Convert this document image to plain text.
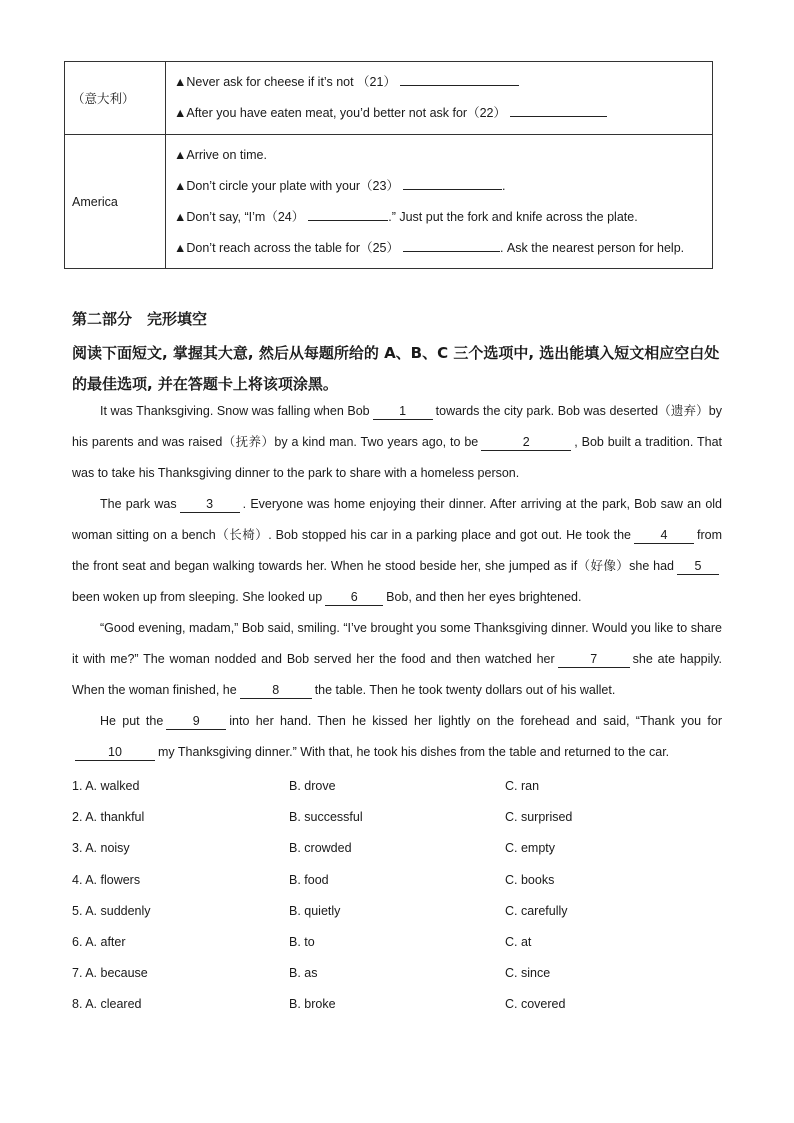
（意大利）	▲Never ask for cheese if it’s not （21）
▲After you have eaten meat, you’d better not ask for（22）

America	▲Arrive on time.
▲Don’t circle your plate with your（23） .
▲Don’t say, “I’m（24） .” Just put the fork and knife across the plate.
▲Don’t reach across the table for（25） . Ask the nearest person for help.
第二部分　完形填空
阅读下面短文, 掌握其大意, 然后从每题所给的 A、B、C 三个选项中, 选出能填入短文相应空白处的最佳选项, 并在答题卡上将该项涂黑。

It was Thanksgiving. Snow was falling when Bob 1 towards the city park. Bob was deserted（遗弃）by his parents and was raised（抚养）by a kind man. Two years ago, to be	2	, Bob built a tradition. That was to take his Thanksgiving dinner to the park to share with a homeless person.

The park was 3 . Everyone was home enjoying their dinner. After arriving at the park, Bob saw an old woman sitting on a bench（长椅）. Bob stopped his car in a parking place and got out. He took the 4 from the front seat and began walking towards her. When he stood beside her, she jumped as if（好像）she had 5been woken up from sleeping. She looked up 6 Bob, and then her eyes brightened.

“Good evening, madam,” Bob said, smiling. “I’ve brought you some Thanksgiving dinner. Would you like to share it with me?” The woman nodded and Bob served her the food and then watched her	7	she ate happily. When the woman finished, he	8	the table. Then he took twenty dollars out of his wallet.

He put the 9 into her hand. Then he kissed her lightly on the forehead and said, “Thank you for10	my Thanksgiving dinner.” With that, he took his dishes from the table and returned to the car.

1. A. walked	B. drove	C. ran
2. A. thankful	B. successful	C. surprised
3. A. noisy	B. crowded	C. empty
4. A. flowers	B. food	C. books
5. A. suddenly	B. quietly	C. carefully
6. A. after	B. to	C. at
7. A. because	B. as	C. since
8. A. cleared	B. broke	C. covered
